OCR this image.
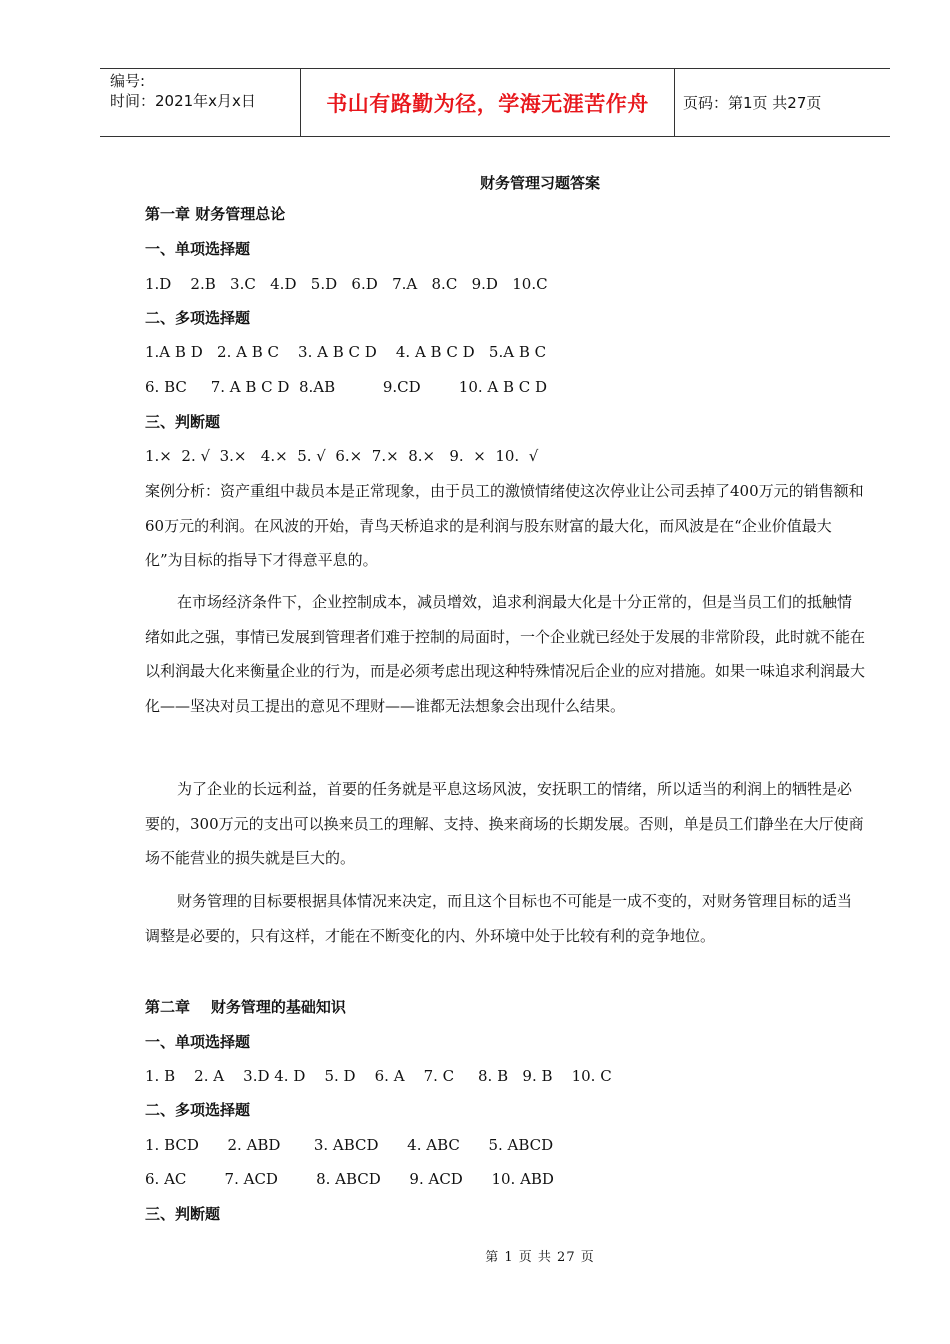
编号:
时间：2021年x月x日	书山有路勤为径，学海无涯苦作舟	页码：第1页 共27页
财务管理习题答案
第一章 财务管理总论
一、单项选择题
1.D    2.B   3.C   4.D   5.D   6.D   7.A   8.C   9.D   10.C
二、多项选择题
1.A B D   2. A B C    3. A B C D    4. A B C D   5.A B C
6. BC     7. A B C D  8.AB          9.CD        10. A B C D
三、判断题
1.×  2. √  3.×   4.×  5. √  6.×  7.×  8.×   9.  ×  10.  √
案例分析：资产重组中裁员本是正常现象，由于员工的激愤情绪使这次停业让公司丢掉了400万元的销售额和60万元的利润。在风波的开始，青鸟天桥追求的是利润与股东财富的最大化，而风波是在“企业价值最大化”为目标的指导下才得意平息的。
在市场经济条件下，企业控制成本，减员增效，追求利润最大化是十分正常的，但是当员工们的抵触情绪如此之强，事情已发展到管理者们难于控制的局面时，一个企业就已经处于发展的非常阶段，此时就不能在以利润最大化来衡量企业的行为，而是必须考虑出现这种特殊情况后企业的应对措施。如果一味追求利润最大化——坚决对员工提出的意见不理财——谁都无法想象会出现什么结果。
为了企业的长远利益，首要的任务就是平息这场风波，安抚职工的情绪，所以适当的利润上的牺牲是必要的，300万元的支出可以换来员工的理解、支持、换来商场的长期发展。否则，单是员工们静坐在大厅使商场不能营业的损失就是巨大的。
财务管理的目标要根据具体情况来决定，而且这个目标也不可能是一成不变的，对财务管理目标的适当调整是必要的，只有这样，才能在不断变化的内、外环境中处于比较有利的竞争地位。
第二章    财务管理的基础知识
一、单项选择题
1. B    2. A    3.D 4. D    5. D    6. A    7. C     8. B   9. B    10. C
二、多项选择题
1. BCD      2. ABD       3. ABCD      4. ABC      5. ABCD
6. AC        7. ACD        8. ABCD      9. ACD      10. ABD
三、判断题
第 1 页 共 27 页
